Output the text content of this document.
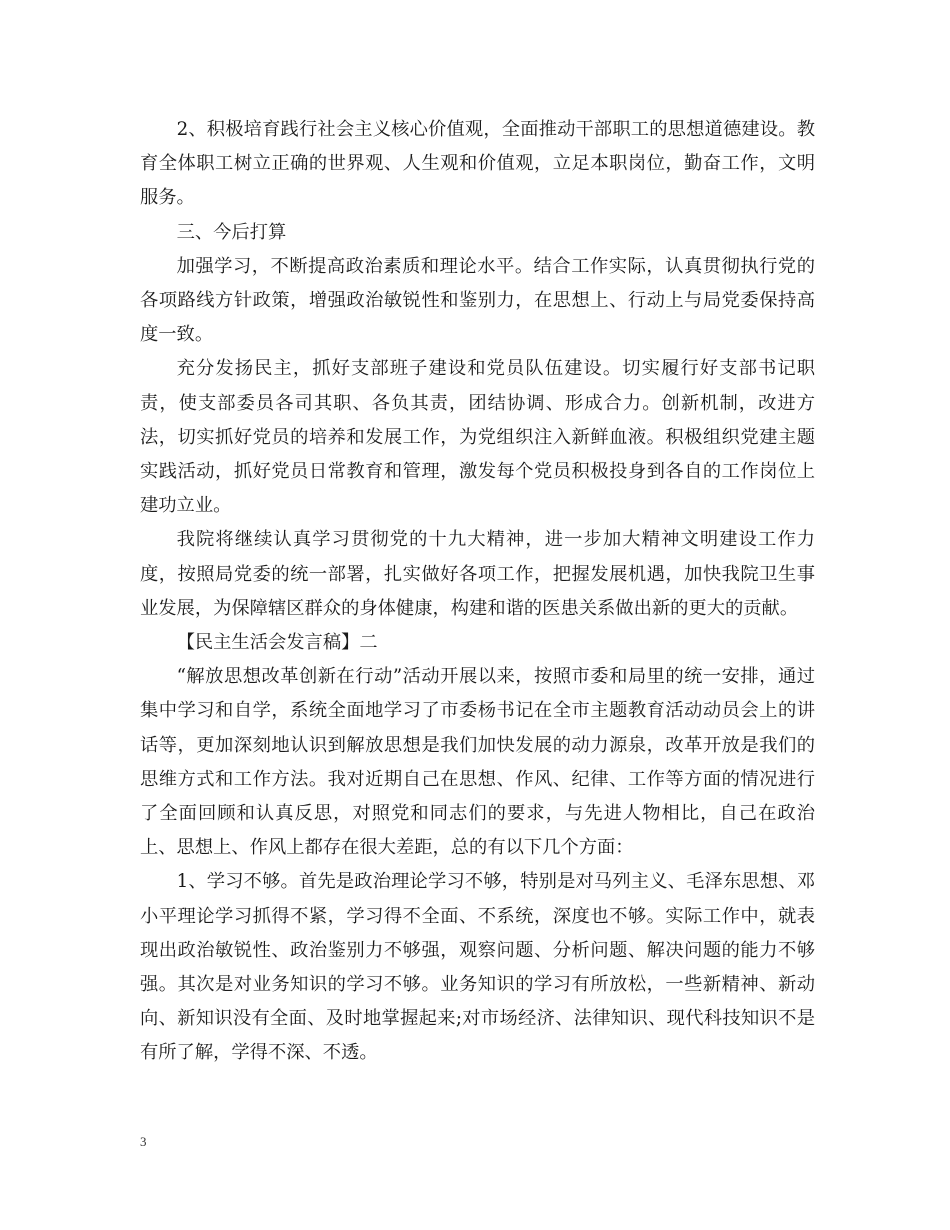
2、积极培育践行社会主义核心价值观，全面推动干部职工的思想道德建设。教育全体职工树立正确的世界观、人生观和价值观，立足本职岗位，勤奋工作，文明服务。

三、今后打算

加强学习，不断提高政治素质和理论水平。结合工作实际，认真贯彻执行党的各项路线方针政策，增强政治敏锐性和鉴别力，在思想上、行动上与局党委保持高度一致。

充分发扬民主，抓好支部班子建设和党员队伍建设。切实履行好支部书记职责，使支部委员各司其职、各负其责，团结协调、形成合力。创新机制，改进方法，切实抓好党员的培养和发展工作，为党组织注入新鲜血液。积极组织党建主题实践活动，抓好党员日常教育和管理，激发每个党员积极投身到各自的工作岗位上建功立业。

我院将继续认真学习贯彻党的十九大精神，进一步加大精神文明建设工作力度，按照局党委的统一部署，扎实做好各项工作，把握发展机遇，加快我院卫生事业发展，为保障辖区群众的身体健康，构建和谐的医患关系做出新的更大的贡献。

【民主生活会发言稿】二

“解放思想改革创新在行动”活动开展以来，按照市委和局里的统一安排，通过集中学习和自学，系统全面地学习了市委杨书记在全市主题教育活动动员会上的讲话等，更加深刻地认识到解放思想是我们加快发展的动力源泉，改革开放是我们的思维方式和工作方法。我对近期自己在思想、作风、纪律、工作等方面的情况进行了全面回顾和认真反思，对照党和同志们的要求，与先进人物相比，自己在政治上、思想上、作风上都存在很大差距，总的有以下几个方面：

1、学习不够。首先是政治理论学习不够，特别是对马列主义、毛泽东思想、邓小平理论学习抓得不紧，学习得不全面、不系统，深度也不够。实际工作中，就表现出政治敏锐性、政治鉴别力不够强，观察问题、分析问题、解决问题的能力不够强。其次是对业务知识的学习不够。业务知识的学习有所放松，一些新精神、新动向、新知识没有全面、及时地掌握起来;对市场经济、法律知识、现代科技知识不是有所了解，学得不深、不透。

3
